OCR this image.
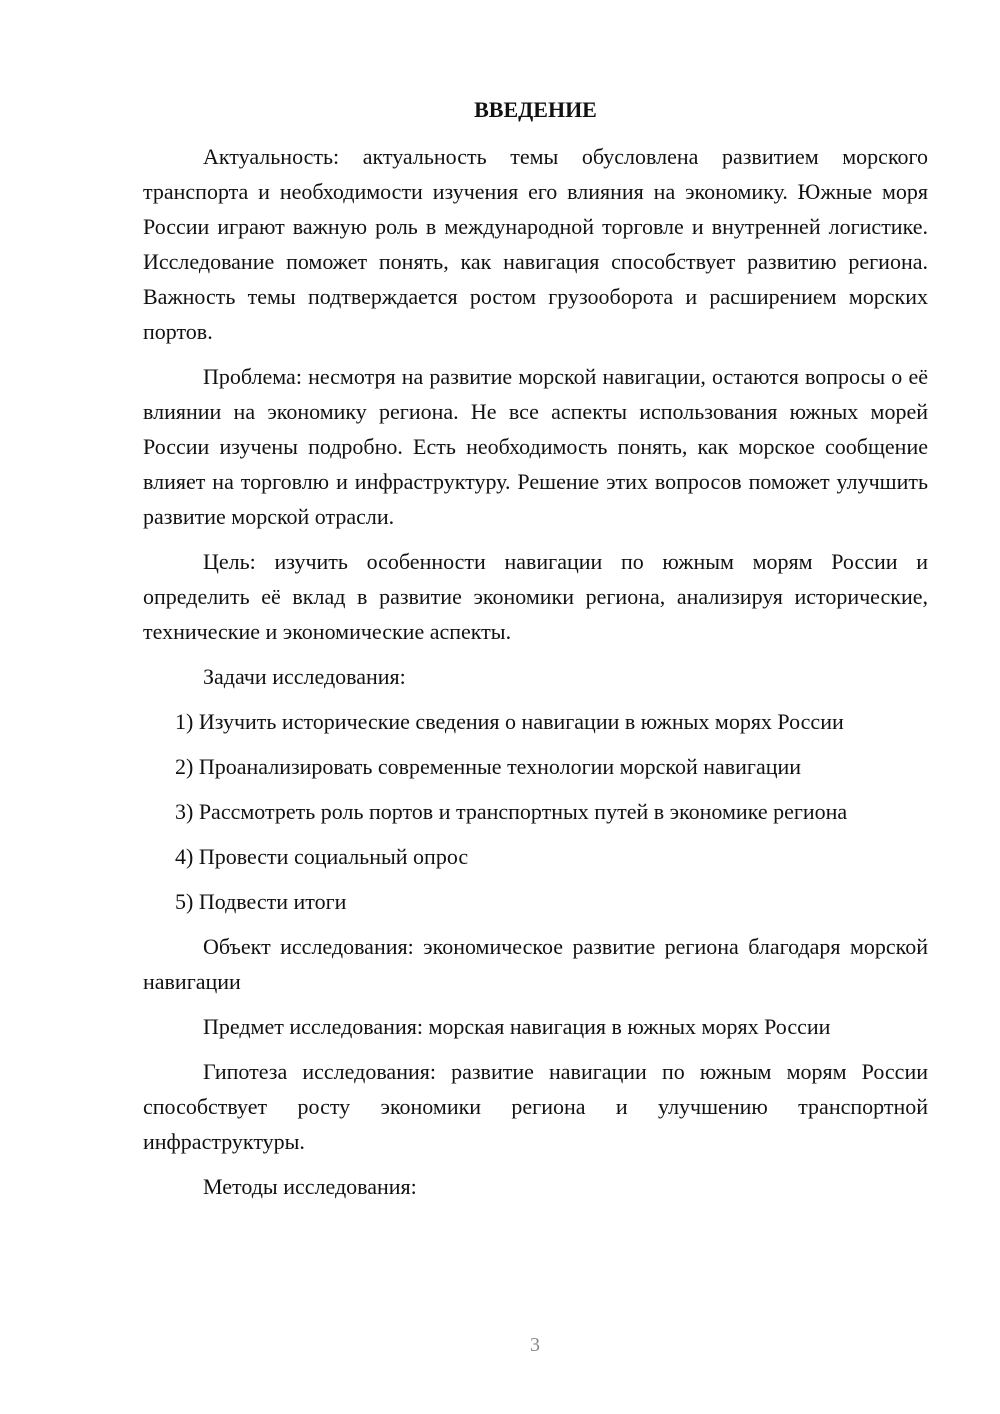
ВВЕДЕНИЕ

Актуальность: актуальность темы обусловлена развитием морского транспорта и необходимости изучения его влияния на экономику. Южные моря России играют важную роль в международной торговле и внутренней логистике. Исследование поможет понять, как навигация способствует развитию региона. Важность темы подтверждается ростом грузооборота и расширением морских портов.

Проблема: несмотря на развитие морской навигации, остаются вопросы о её влиянии на экономику региона. Не все аспекты использования южных морей России изучены подробно. Есть необходимость понять, как морское сообщение влияет на торговлю и инфраструктуру. Решение этих вопросов поможет улучшить развитие морской отрасли.

Цель: изучить особенности навигации по южным морям России и определить её вклад в развитие экономики региона, анализируя исторические, технические и экономические аспекты.

Задачи исследования:

1) Изучить исторические сведения о навигации в южных морях России

2) Проанализировать современные технологии морской навигации

3) Рассмотреть роль портов и транспортных путей в экономике региона

4) Провести социальный опрос

5) Подвести итоги

Объект исследования: экономическое развитие региона благодаря морской навигации

Предмет исследования: морская навигация в южных морях России

Гипотеза исследования: развитие навигации по южным морям России способствует росту экономики региона и улучшению транспортной инфраструктуры.

Методы исследования:

3
